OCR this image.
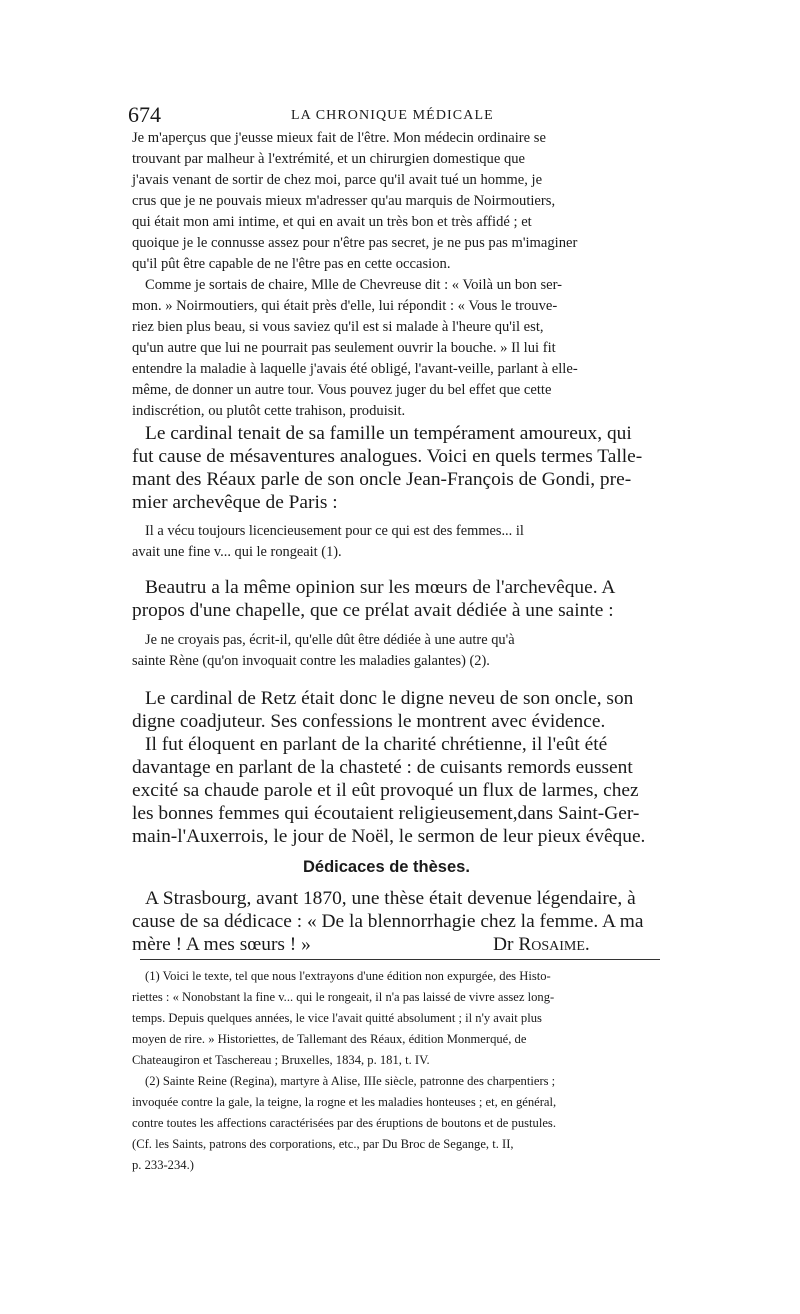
674	LA CHRONIQUE MÉDICALE
Je m'aperçus que j'eusse mieux fait de l'être. Mon médecin ordinaire se
trouvant par malheur à l'extrémité, et un chirurgien domestique que
j'avais venant de sortir de chez moi, parce qu'il avait tué un homme, je
crus que je ne pouvais mieux m'adresser qu'au marquis de Noirmoutiers,
qui était mon ami intime, et qui en avait un très bon et très affidé ; et
quoique je le connusse assez pour n'être pas secret, je ne pus pas m'imaginer
qu'il pût être capable de ne l'être pas en cette occasion.
Comme je sortais de chaire, Mlle de Chevreuse dit : « Voilà un bon ser-
mon. » Noirmoutiers, qui était près d'elle, lui répondit : « Vous le trouve-
riez bien plus beau, si vous saviez qu'il est si malade à l'heure qu'il est,
qu'un autre que lui ne pourrait pas seulement ouvrir la bouche. » Il lui fit
entendre la maladie à laquelle j'avais été obligé, l'avant-veille, parlant à elle-
même, de donner un autre tour. Vous pouvez juger du bel effet que cette
indiscrétion, ou plutôt cette trahison, produisit.
Le cardinal tenait de sa famille un tempérament amoureux, qui
fut cause de mésaventures analogues. Voici en quels termes Talle-
mant des Réaux parle de son oncle Jean-François de Gondi, pre-
mier archevêque de Paris :
Il a vécu toujours licencieusement pour ce qui est des femmes... il
avait une fine v... qui le rongeait (1).
Beautru a la même opinion sur les mœurs de l'archevêque. A
propos d'une chapelle, que ce prélat avait dédiée à une sainte :
Je ne croyais pas, écrit-il, qu'elle dût être dédiée à une autre qu'à
sainte Rène (qu'on invoquait contre les maladies galantes) (2).
Le cardinal de Retz était donc le digne neveu de son oncle, son
digne coadjuteur. Ses confessions le montrent avec évidence.
Il fut éloquent en parlant de la charité chrétienne, il l'eût été
davantage en parlant de la chasteté : de cuisants remords eussent
excité sa chaude parole et il eût provoqué un flux de larmes, chez
les bonnes femmes qui écoutaient religieusement,dans Saint-Ger-
main-l'Auxerrois, le jour de Noël, le sermon de leur pieux évêque.
Dédicaces de thèses.
A Strasbourg, avant 1870, une thèse était devenue légendaire, à
cause de sa dédicace : « De la blennorrhagie chez la femme. A ma
mère ! A mes sœurs ! »	Dr Rosaime.
(1) Voici le texte, tel que nous l'extrayons d'une édition non expurgée, des Histo-
riettes : « Nonobstant la fine v... qui le rongeait, il n'a pas laissé de vivre assez long-
temps. Depuis quelques années, le vice l'avait quitté absolument ; il n'y avait plus
moyen de rire. » Historiettes, de Tallemant des Réaux, édition Monmerqué, de
Chateaugiron et Taschereau ; Bruxelles, 1834, p. 181, t. IV.
(2) Sainte Reine (Regina), martyre à Alise, IIIe siècle, patronne des charpentiers ;
invoquée contre la gale, la teigne, la rogne et les maladies honteuses ; et, en général,
contre toutes les affections caractérisées par des éruptions de boutons et de pustules.
(Cf. les Saints, patrons des corporations, etc., par Du Broc de Segange, t. II,
p. 233-234.)
